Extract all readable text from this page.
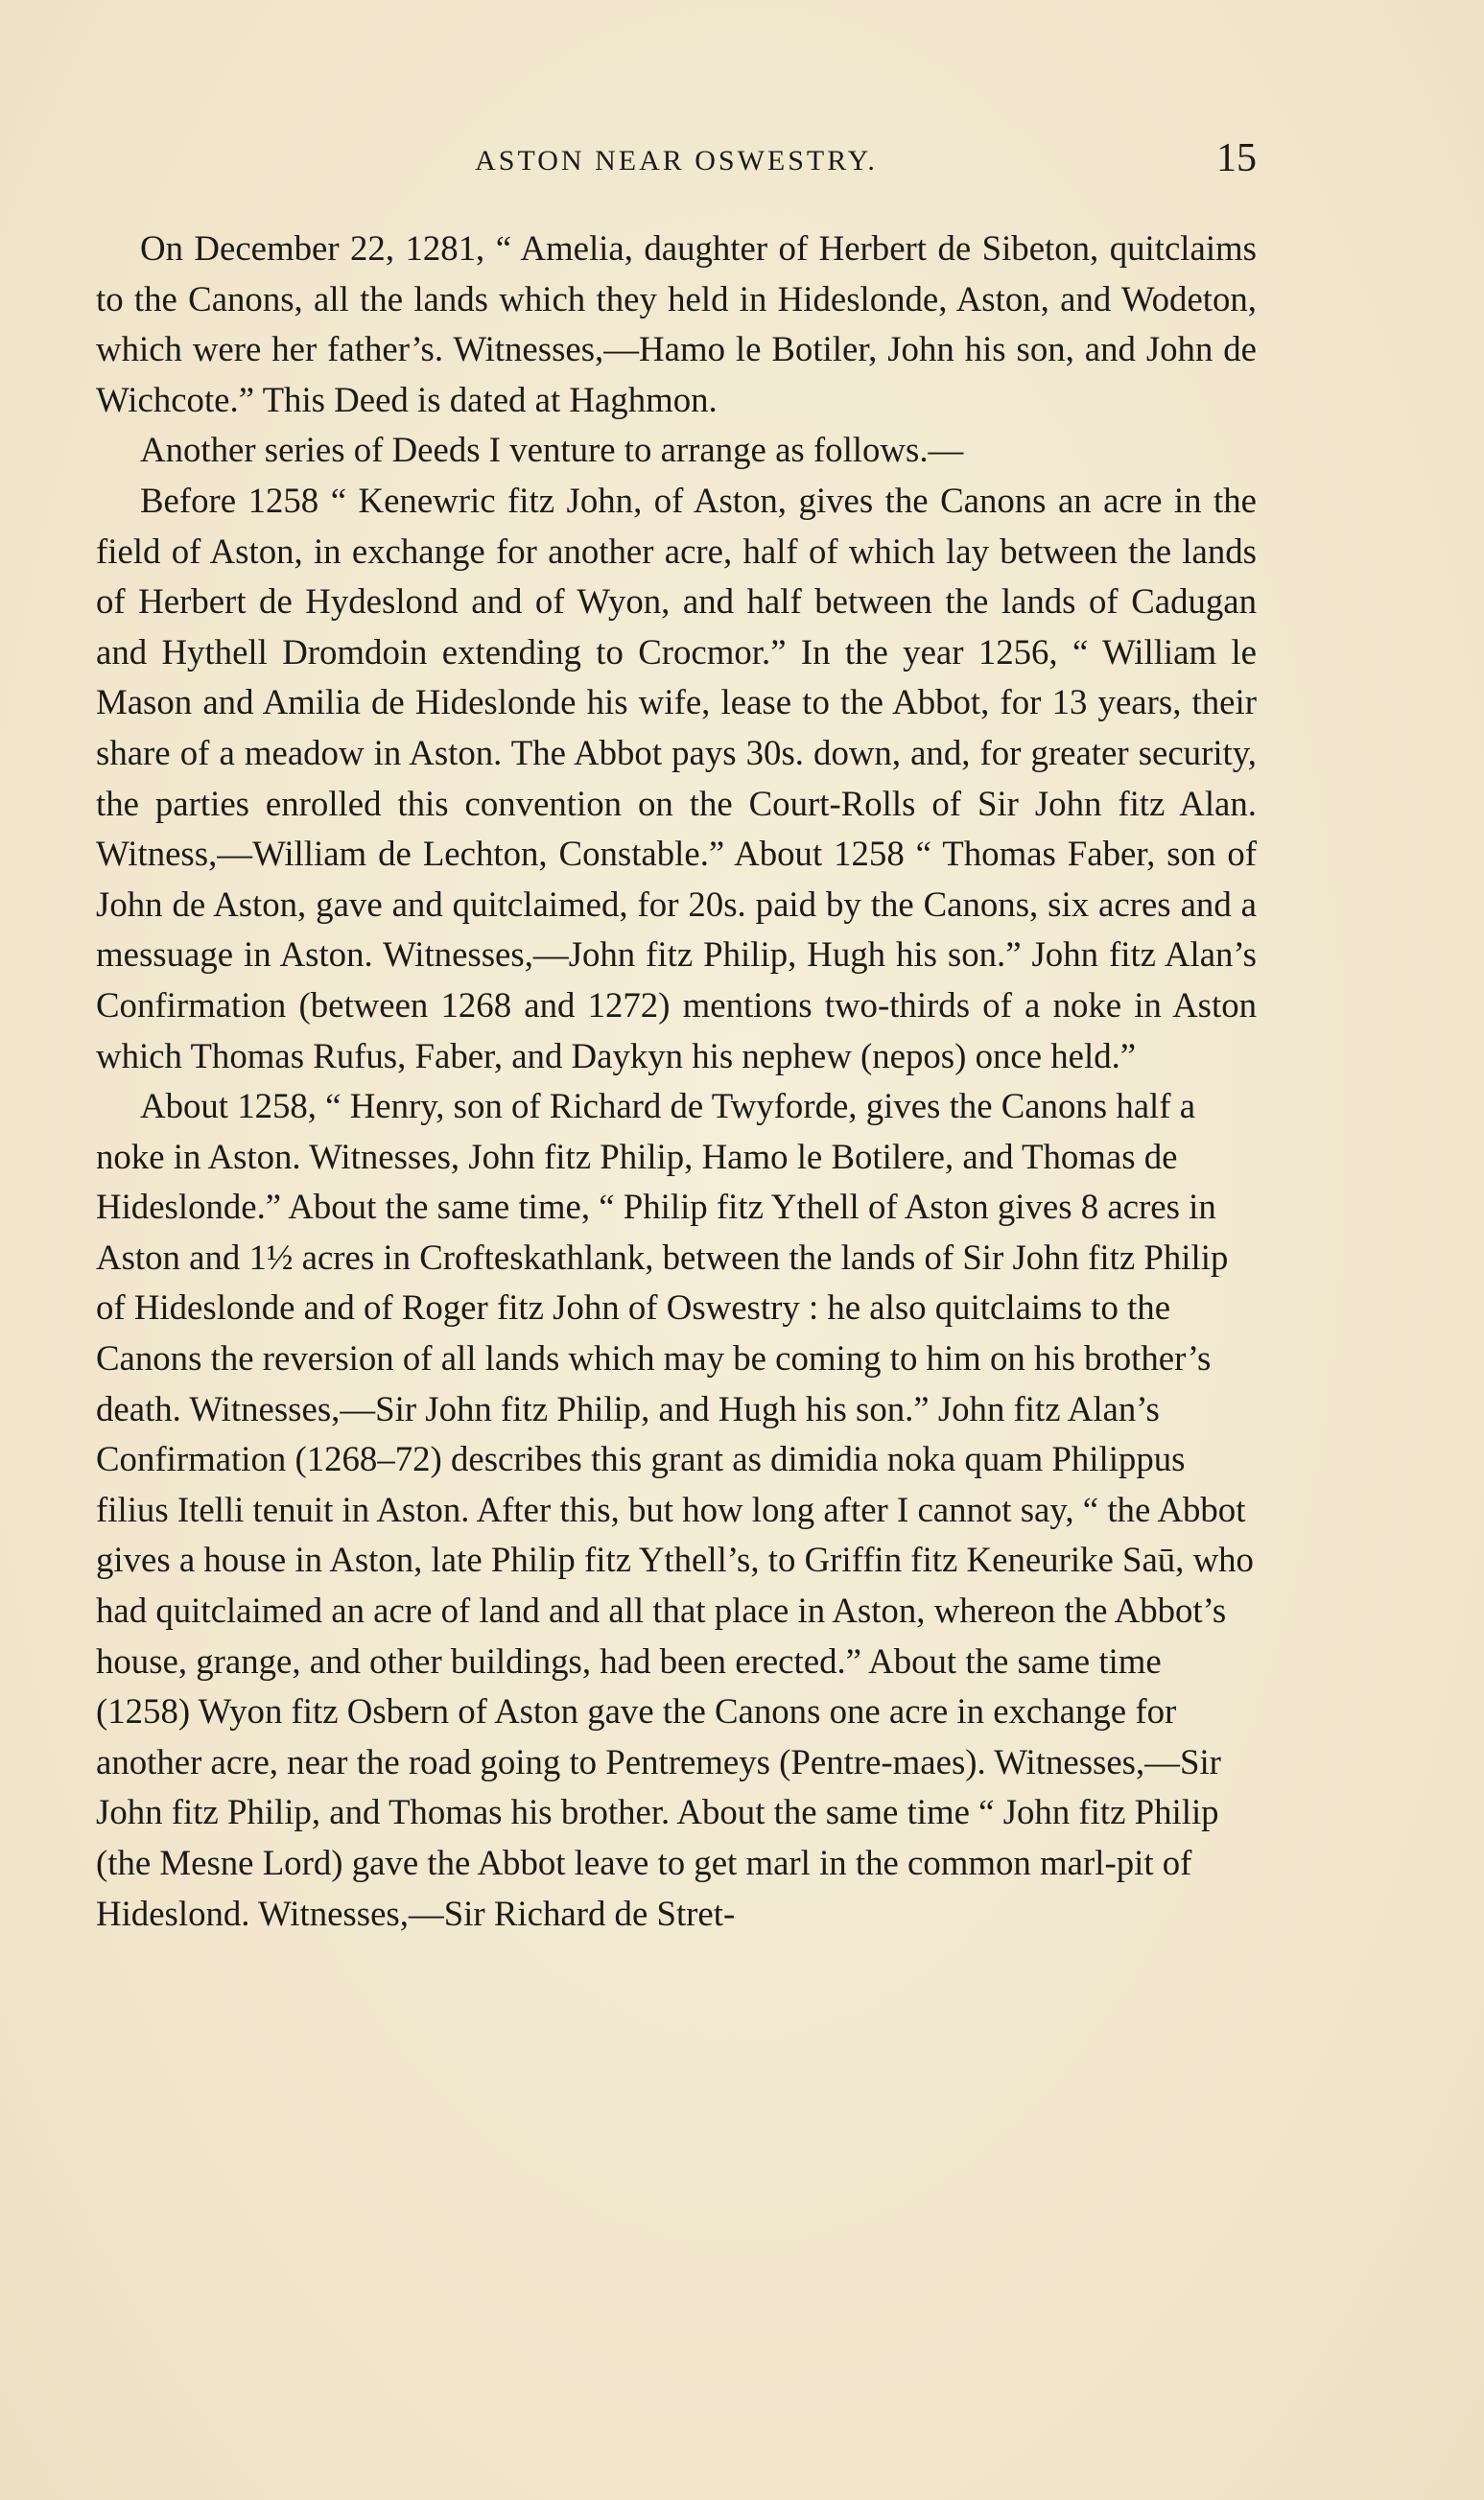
ASTON NEAR OSWESTRY.	15

On December 22, 1281, “ Amelia, daughter of Herbert de Sibeton, quitclaims to the Canons, all the lands which they held in Hideslonde, Aston, and Wodeton, which were her father’s. Witnesses,—Hamo le Botiler, John his son, and John de Wichcote.” This Deed is dated at Haghmon.

Another series of Deeds I venture to arrange as follows.—

Before 1258 “ Kenewric fitz John, of Aston, gives the Canons an acre in the field of Aston, in exchange for another acre, half of which lay between the lands of Herbert de Hydeslond and of Wyon, and half between the lands of Cadugan and Hythell Dromdoin extending to Crocmor.” In the year 1256, “ William le Mason and Amilia de Hideslonde his wife, lease to the Abbot, for 13 years, their share of a meadow in Aston. The Abbot pays 30s. down, and, for greater security, the parties enrolled this convention on the Court-Rolls of Sir John fitz Alan. Witness,—William de Lechton, Constable.” About 1258 “ Thomas Faber, son of John de Aston, gave and quitclaimed, for 20s. paid by the Canons, six acres and a messuage in Aston. Witnesses,—John fitz Philip, Hugh his son.” John fitz Alan’s Confirmation (between 1268 and 1272) mentions two-thirds of a noke in Aston which Thomas Rufus, Faber, and Daykyn his nephew (nepos) once held.”

About 1258, “ Henry, son of Richard de Twyforde, gives the Canons half a noke in Aston. Witnesses, John fitz Philip, Hamo le Botilere, and Thomas de Hideslonde.” About the same time, “ Philip fitz Ythell of Aston gives 8 acres in Aston and 1½ acres in Crofteskathlank, between the lands of Sir John fitz Philip of Hideslonde and of Roger fitz John of Oswestry : he also quitclaims to the Canons the reversion of all lands which may be coming to him on his brother’s death. Witnesses,—Sir John fitz Philip, and Hugh his son.” John fitz Alan’s Confirmation (1268–72) describes this grant as dimidia noka quam Philippus filius Itelli tenuit in Aston. After this, but how long after I cannot say, “ the Abbot gives a house in Aston, late Philip fitz Ythell’s, to Griffin fitz Keneurike Saū, who had quitclaimed an acre of land and all that place in Aston, whereon the Abbot’s house, grange, and other buildings, had been erected.” About the same time (1258) Wyon fitz Osbern of Aston gave the Canons one acre in exchange for another acre, near the road going to Pentremeys (Pentre-maes). Witnesses,—Sir John fitz Philip, and Thomas his brother. About the same time “ John fitz Philip (the Mesne Lord) gave the Abbot leave to get marl in the common marl-pit of Hideslond. Witnesses,—Sir Richard de Stret-
